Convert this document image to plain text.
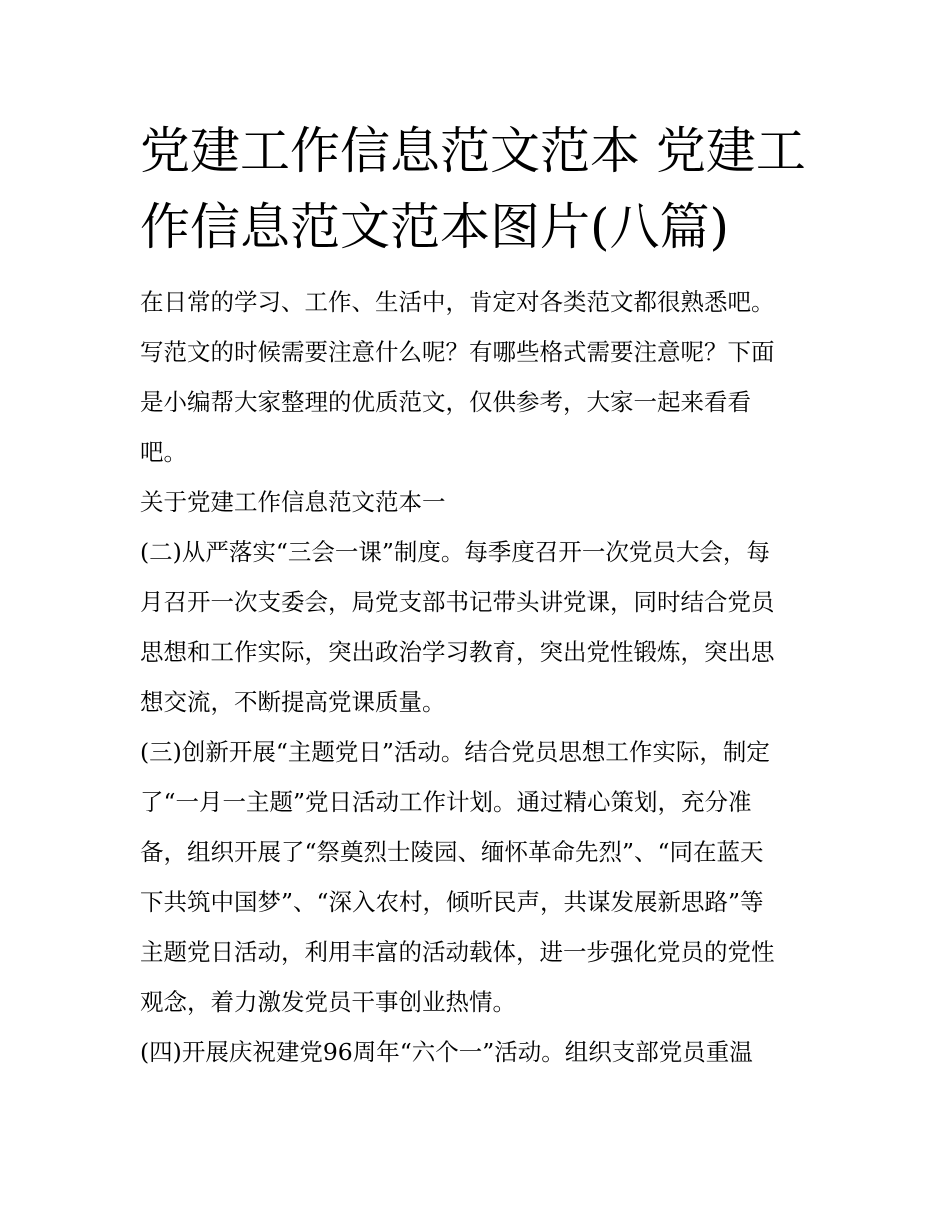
党建工作信息范文范本 党建工
作信息范文范本图片(八篇)

在日常的学习、工作、生活中，肯定对各类范文都很熟悉吧。

写范文的时候需要注意什么呢？有哪些格式需要注意呢？下面

是小编帮大家整理的优质范文，仅供参考，大家一起来看看

吧。

关于党建工作信息范文范本一

(二)从严落实“三会一课”制度。每季度召开一次党员大会，每

月召开一次支委会，局党支部书记带头讲党课，同时结合党员

思想和工作实际，突出政治学习教育，突出党性锻炼，突出思

想交流，不断提高党课质量。

(三)创新开展“主题党日”活动。结合党员思想工作实际，制定

了“一月一主题”党日活动工作计划。通过精心策划，充分准

备，组织开展了“祭奠烈士陵园、缅怀革命先烈”、“同在蓝天

下共筑中国梦”、“深入农村，倾听民声，共谋发展新思路”等

主题党日活动，利用丰富的活动载体，进一步强化党员的党性

观念，着力激发党员干事创业热情。

(四)开展庆祝建党96周年“六个一”活动。组织支部党员重温
